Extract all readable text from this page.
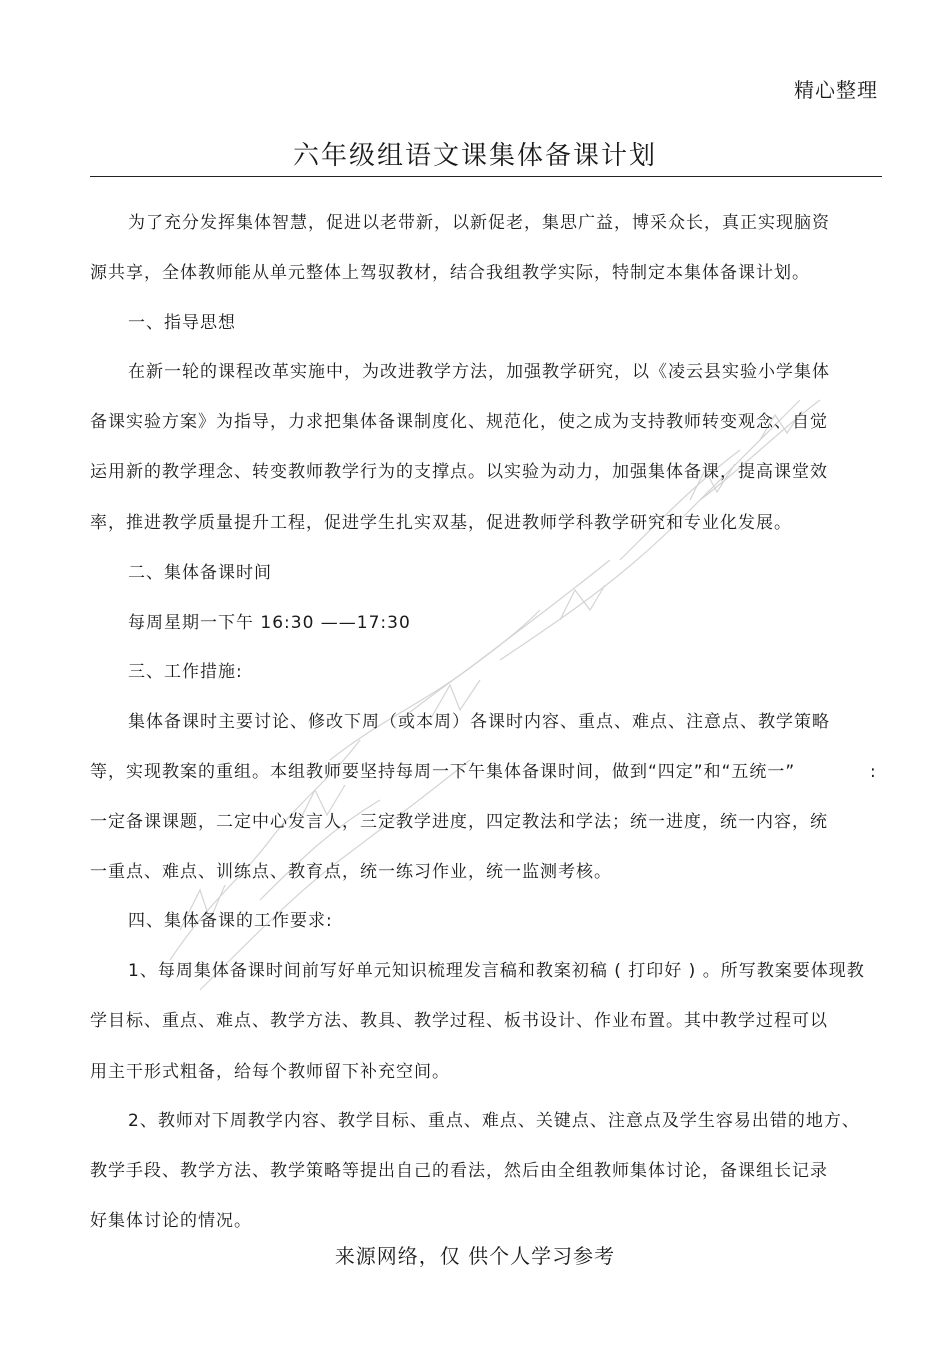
精心整理
六年级组语文课集体备课计划
为了充分发挥集体智慧，促进以老带新，以新促老，集思广益，博采众长，真正实现脑资
源共享，全体教师能从单元整体上驾驭教材，结合我组教学实际，特制定本集体备课计划。
一、指导思想
在新一轮的课程改革实施中，为改进教学方法，加强教学研究，以《凌云县实验小学集体
备课实验方案》为指导，力求把集体备课制度化、规范化，使之成为支持教师转变观念、自觉
运用新的教学理念、转变教师教学行为的支撑点。以实验为动力，加强集体备课，提高课堂效
率，推进教学质量提升工程，促进学生扎实双基，促进教师学科教学研究和专业化发展。
二、集体备课时间
每周星期一下午 16:30 ——17:30
三、工作措施:
集体备课时主要讨论、修改下周（或本周）各课时内容、重点、难点、注意点、教学策略
等，实现教案的重组。本组教师要坚持每周一下午集体备课时间，做到“四定”和“五统一”	:
一定备课课题，二定中心发言人，三定教学进度，四定教法和学法；统一进度，统一内容，统
一重点、难点、训练点、教育点，统一练习作业，统一监测考核。
四、集体备课的工作要求:
1、每周集体备课时间前写好单元知识梳理发言稿和教案初稿 ( 打印好 ) 。所写教案要体现教
学目标、重点、难点、教学方法、教具、教学过程、板书设计、作业布置。其中教学过程可以
用主干形式粗备，给每个教师留下补充空间。
2、教师对下周教学内容、教学目标、重点、难点、关键点、注意点及学生容易出错的地方、
教学手段、教学方法、教学策略等提出自己的看法，然后由全组教师集体讨论，备课组长记录
好集体讨论的情况。
来源网络，仅 供个人学习参考
